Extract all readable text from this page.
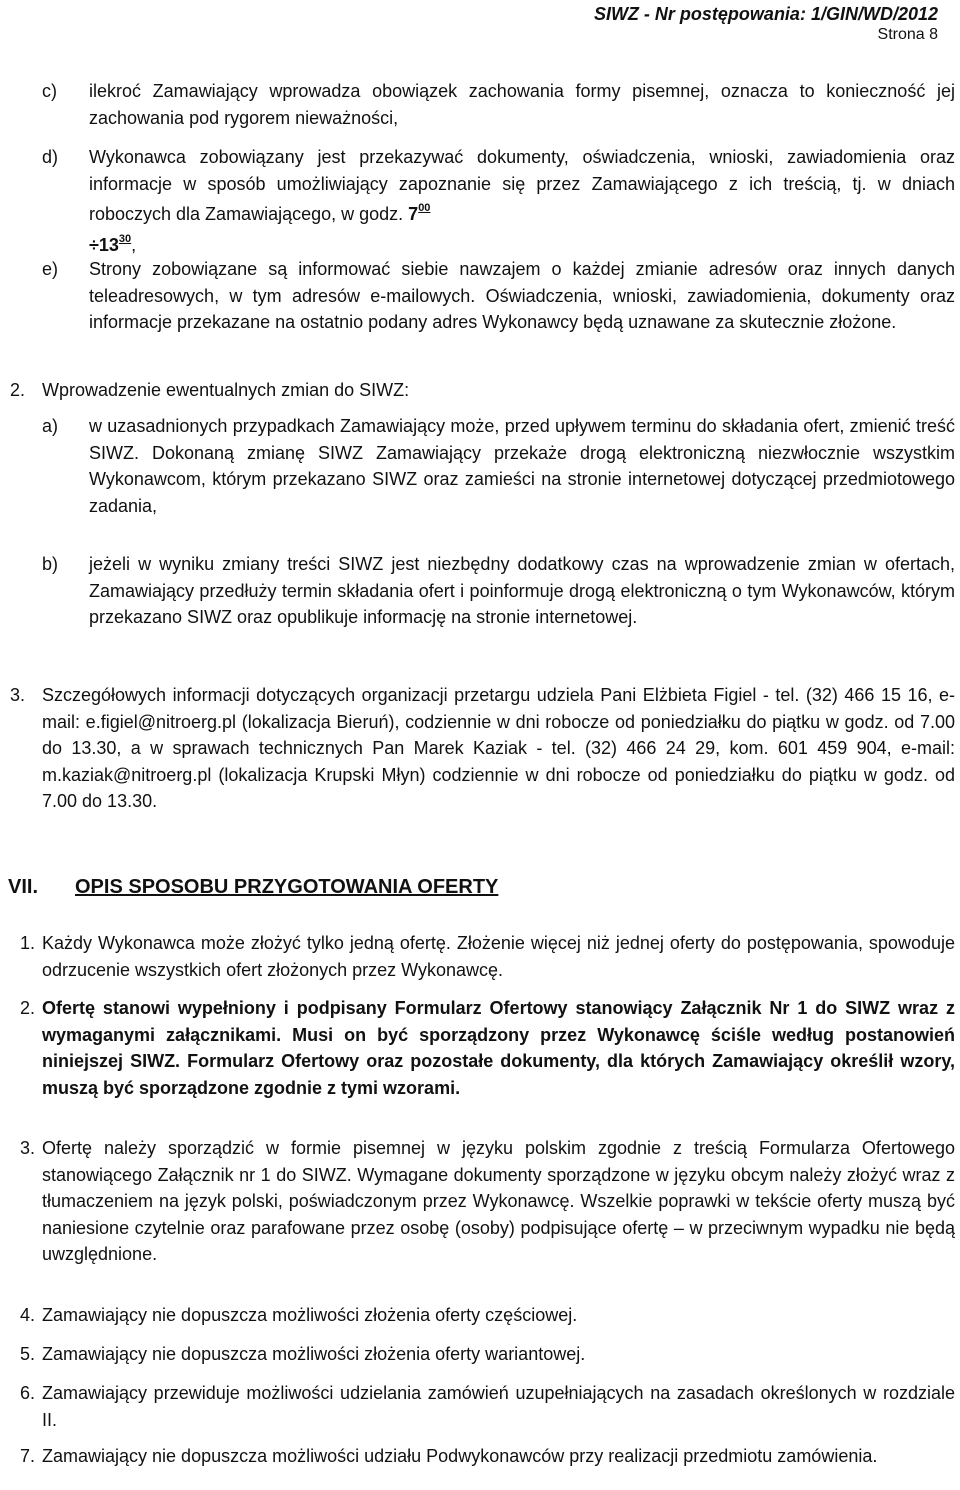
SIWZ - Nr postępowania: 1/GIN/WD/2012
Strona 8
c) ilekroć Zamawiający wprowadza obowiązek zachowania formy pisemnej, oznacza to konieczność jej zachowania pod rygorem nieważności,
d) Wykonawca zobowiązany jest przekazywać dokumenty, oświadczenia, wnioski, zawiadomienia oraz informacje w sposób umożliwiający zapoznanie się przez Zamawiającego z ich treścią, tj. w dniach roboczych dla Zamawiającego, w godz. $7^{00}$
$\div 13^{30}$,
e) Strony zobowiązane są informować siebie nawzajem o każdej zmianie adresów oraz innych danych teleadresowych, w tym adresów e-mailowych. Oświadczenia, wnioski, zawiadomienia, dokumenty oraz informacje przekazane na ostatnio podany adres Wykonawcy będą uznawane za skutecznie złożone.
2. Wprowadzenie ewentualnych zmian do SIWZ:
a) w uzasadnionych przypadkach Zamawiający może, przed upływem terminu do składania ofert, zmienić treść SIWZ. Dokonaną zmianę SIWZ Zamawiający przekaże drogą elektroniczną niezwłocznie wszystkim Wykonawcom, którym przekazano SIWZ oraz zamieści na stronie internetowej dotyczącej przedmiotowego zadania,
b) jeżeli w wyniku zmiany treści SIWZ jest niezbędny dodatkowy czas na wprowadzenie zmian w ofertach, Zamawiający przedłuży termin składania ofert i poinformuje drogą elektroniczną o tym Wykonawców, którym przekazano SIWZ oraz opublikuje informację na stronie internetowej.
3. Szczegółowych informacji dotyczących organizacji przetargu udziela Pani Elżbieta Figiel - tel. (32) 466 15 16, e-mail: e.figiel@nitroerg.pl (lokalizacja Bieruń), codziennie w dni robocze od poniedziałku do piątku w godz. od 7.00 do 13.30, a w sprawach technicznych Pan Marek Kaziak - tel. (32) 466 24 29, kom. 601 459 904, e-mail: m.kaziak@nitroerg.pl (lokalizacja Krupski Młyn) codziennie w dni robocze od poniedziałku do piątku w godz. od 7.00 do 13.30.
VII. OPIS SPOSOBU PRZYGOTOWANIA OFERTY
1. Każdy Wykonawca może złożyć tylko jedną ofertę. Złożenie więcej niż jednej oferty do postępowania, spowoduje odrzucenie wszystkich ofert złożonych przez Wykonawcę.
2. Ofertę stanowi wypełniony i podpisany Formularz Ofertowy stanowiący Załącznik Nr 1 do SIWZ wraz z wymaganymi załącznikami. Musi on być sporządzony przez Wykonawcę ściśle według postanowień niniejszej SIWZ. Formularz Ofertowy oraz pozostałe dokumenty, dla których Zamawiający określił wzory, muszą być sporządzone zgodnie z tymi wzorami.
3. Ofertę należy sporządzić w formie pisemnej w języku polskim zgodnie z treścią Formularza Ofertowego stanowiącego Załącznik nr 1 do SIWZ. Wymagane dokumenty sporządzone w języku obcym należy złożyć wraz z tłumaczeniem na język polski, poświadczonym przez Wykonawcę. Wszelkie poprawki w tekście oferty muszą być naniesione czytelnie oraz parafowane przez osobę (osoby) podpisujące ofertę – w przeciwnym wypadku nie będą uwzględnione.
4. Zamawiający nie dopuszcza możliwości złożenia oferty częściowej.
5. Zamawiający nie dopuszcza możliwości złożenia oferty wariantowej.
6. Zamawiający przewiduje możliwości udzielania zamówień uzupełniających na zasadach określonych w rozdziale II.
7. Zamawiający nie dopuszcza możliwości udziału Podwykonawców przy realizacji przedmiotu zamówienia.
